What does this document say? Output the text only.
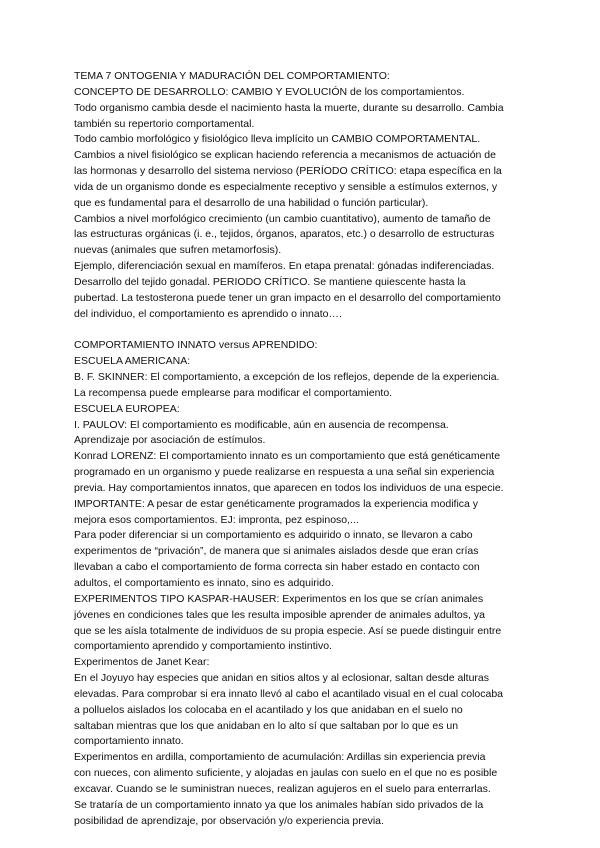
TEMA 7 ONTOGENIA Y MADURACIÓN DEL COMPORTAMIENTO:
CONCEPTO DE DESARROLLO: CAMBIO Y EVOLUCIÓN de los comportamientos.
Todo organismo cambia desde el nacimiento hasta la muerte, durante su desarrollo. Cambia
también su repertorio comportamental.
Todo cambio morfológico y fisiológico lleva implícito un CAMBIO COMPORTAMENTAL.
Cambios a nivel fisiológico se explican haciendo referencia a mecanismos de actuación de
las hormonas y desarrollo del sistema nervioso (PERÍODO CRÍTICO: etapa específica en la
vida de un organismo donde es especialmente receptivo y sensible a estímulos externos, y
que es fundamental para el desarrollo de una habilidad o función particular).
Cambios a nivel morfológico crecimiento (un cambio cuantitativo), aumento de tamaño de
las estructuras orgánicas (i. e., tejidos, órganos, aparatos, etc.) o desarrollo de estructuras
nuevas (animales que sufren metamorfosis).
Ejemplo, diferenciación sexual en mamíferos. En etapa prenatal: gónadas indiferenciadas.
Desarrollo del tejido gonadal. PERIODO CRÍTICO. Se mantiene quiescente hasta la
pubertad. La testosterona puede tener un gran impacto en el desarrollo del comportamiento
del individuo, el comportamiento es aprendido o innato….
COMPORTAMIENTO INNATO versus APRENDIDO:
ESCUELA AMERICANA:
B. F. SKINNER: El comportamiento, a excepción de los reflejos, depende de la experiencia.
La recompensa puede emplearse para modificar el comportamiento.
ESCUELA EUROPEA:
I. PAULOV: El comportamiento es modificable, aún en ausencia de recompensa.
Aprendizaje por asociación de estímulos.
Konrad LORENZ: El comportamiento innato es un comportamiento que está genéticamente
programado en un organismo y puede realizarse en respuesta a una señal sin experiencia
previa. Hay comportamientos innatos, que aparecen en todos los individuos de una especie.
IMPORTANTE: A pesar de estar genéticamente programados la experiencia modifica y
mejora esos comportamientos. EJ: impronta, pez espinoso,...
Para poder diferenciar si un comportamiento es adquirido o innato, se llevaron a cabo
experimentos de “privación”, de manera que si animales aislados desde que eran crías
llevaban a cabo el comportamiento de forma correcta sin haber estado en contacto con
adultos, el comportamiento es innato, sino es adquirido.
EXPERIMENTOS TIPO KASPAR-HAUSER: Experimentos en los que se crían animales
jóvenes en condiciones tales que les resulta imposible aprender de animales adultos, ya
que se les aísla totalmente de individuos de su propia especie. Así se puede distinguir entre
comportamiento aprendido y comportamiento instintivo.
Experimentos de Janet Kear:
En el Joyuyo hay especies que anidan en sitios altos y al eclosionar, saltan desde alturas
elevadas. Para comprobar si era innato llevó al cabo el acantilado visual en el cual colocaba
a polluelos aislados los colocaba en el acantilado y los que anidaban en el suelo no
saltaban mientras que los que anidaban en lo alto sí que saltaban por lo que es un
comportamiento innato.
Experimentos en ardilla, comportamiento de acumulación: Ardillas sin experiencia previa
con nueces, con alimento suficiente, y alojadas en jaulas con suelo en el que no es posible
excavar. Cuando se le suministran nueces, realizan agujeros en el suelo para enterrarlas.
Se trataría de un comportamiento innato ya que los animales habían sido privados de la
posibilidad de aprendizaje, por observación y/o experiencia previa.
